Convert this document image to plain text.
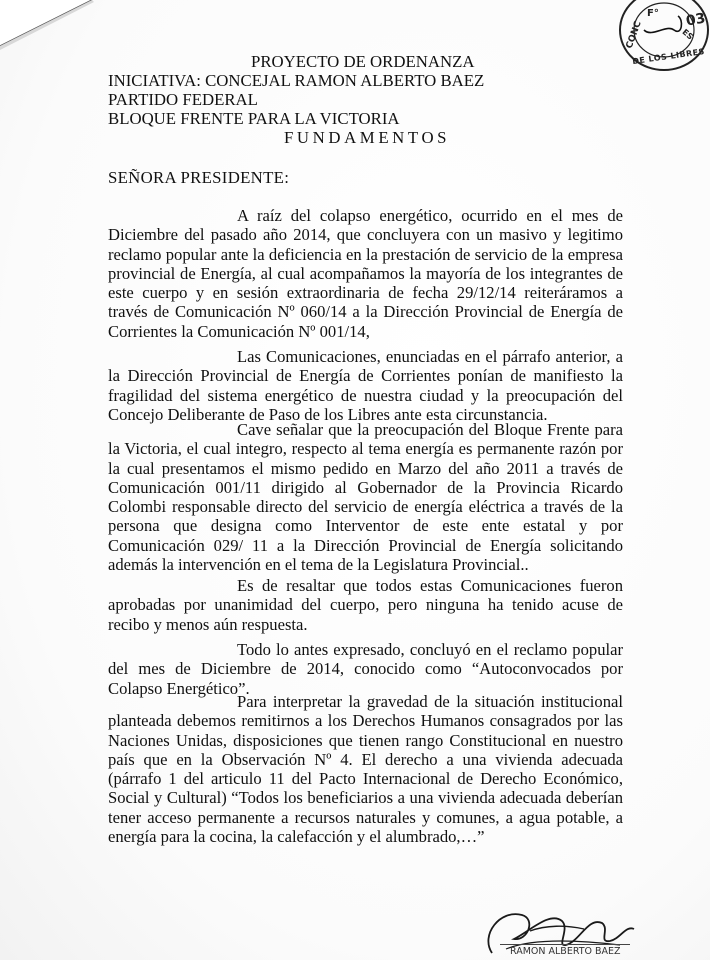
CONC
F°
ES
DE LOS LIBRES
03
PROYECTO DE ORDENANZA
INICIATIVA: CONCEJAL RAMON ALBERTO BAEZ
PARTIDO FEDERAL
BLOQUE FRENTE PARA LA VICTORIA
FUNDAMENTOS
SEÑORA PRESIDENTE:

A raíz del colapso energético, ocurrido en el mes de Diciembre del pasado año 2014, que concluyera con un masivo y legitimo reclamo popular ante la deficiencia en la prestación de servicio de la empresa provincial de Energía, al cual acompañamos la mayoría de los integrantes de este cuerpo y en sesión extraordinaria de fecha 29/12/14 reiteráramos a través de Comunicación Nº 060/14 a la Dirección Provincial de Energía de Corrientes la Comunicación Nº 001/14,

Las Comunicaciones, enunciadas en el párrafo anterior, a la Dirección Provincial de Energía de Corrientes ponían de manifiesto la fragilidad del sistema energético de nuestra ciudad y la preocupación del Concejo Deliberante de Paso de los Libres ante esta circunstancia.

Cave señalar que la preocupación del Bloque Frente para la Victoria, el cual integro, respecto al tema energía es permanente razón por la cual presentamos el mismo pedido en Marzo del año 2011 a través de Comunicación 001/11 dirigido al Gobernador de la Provincia Ricardo Colombi responsable directo del servicio de energía eléctrica a través de la persona que designa como Interventor de este ente estatal y por Comunicación 029/ 11 a la Dirección Provincial de Energía solicitando además la intervención en el tema de la Legislatura Provincial..

Es de resaltar que todos estas Comunicaciones fueron aprobadas por unanimidad del cuerpo, pero ninguna ha tenido acuse de recibo y menos aún respuesta.

Todo lo antes expresado, concluyó en el reclamo popular del mes de Diciembre de 2014, conocido como “Autoconvocados por Colapso Energético”.

Para interpretar la gravedad de la situación institucional planteada debemos remitirnos a los Derechos Humanos consagrados por las Naciones Unidas, disposiciones que tienen rango Constitucional en nuestro país que en la Observación Nº 4. El derecho a una vivienda adecuada (párrafo 1 del articulo 11 del Pacto Internacional de Derecho Económico, Social y Cultural) “Todos los beneficiarios a una vivienda adecuada deberían tener acceso permanente a recursos naturales y comunes, a agua potable, a energía para la cocina, la calefacción y el alumbrado,…”

RAMON ALBERTO BAEZ
